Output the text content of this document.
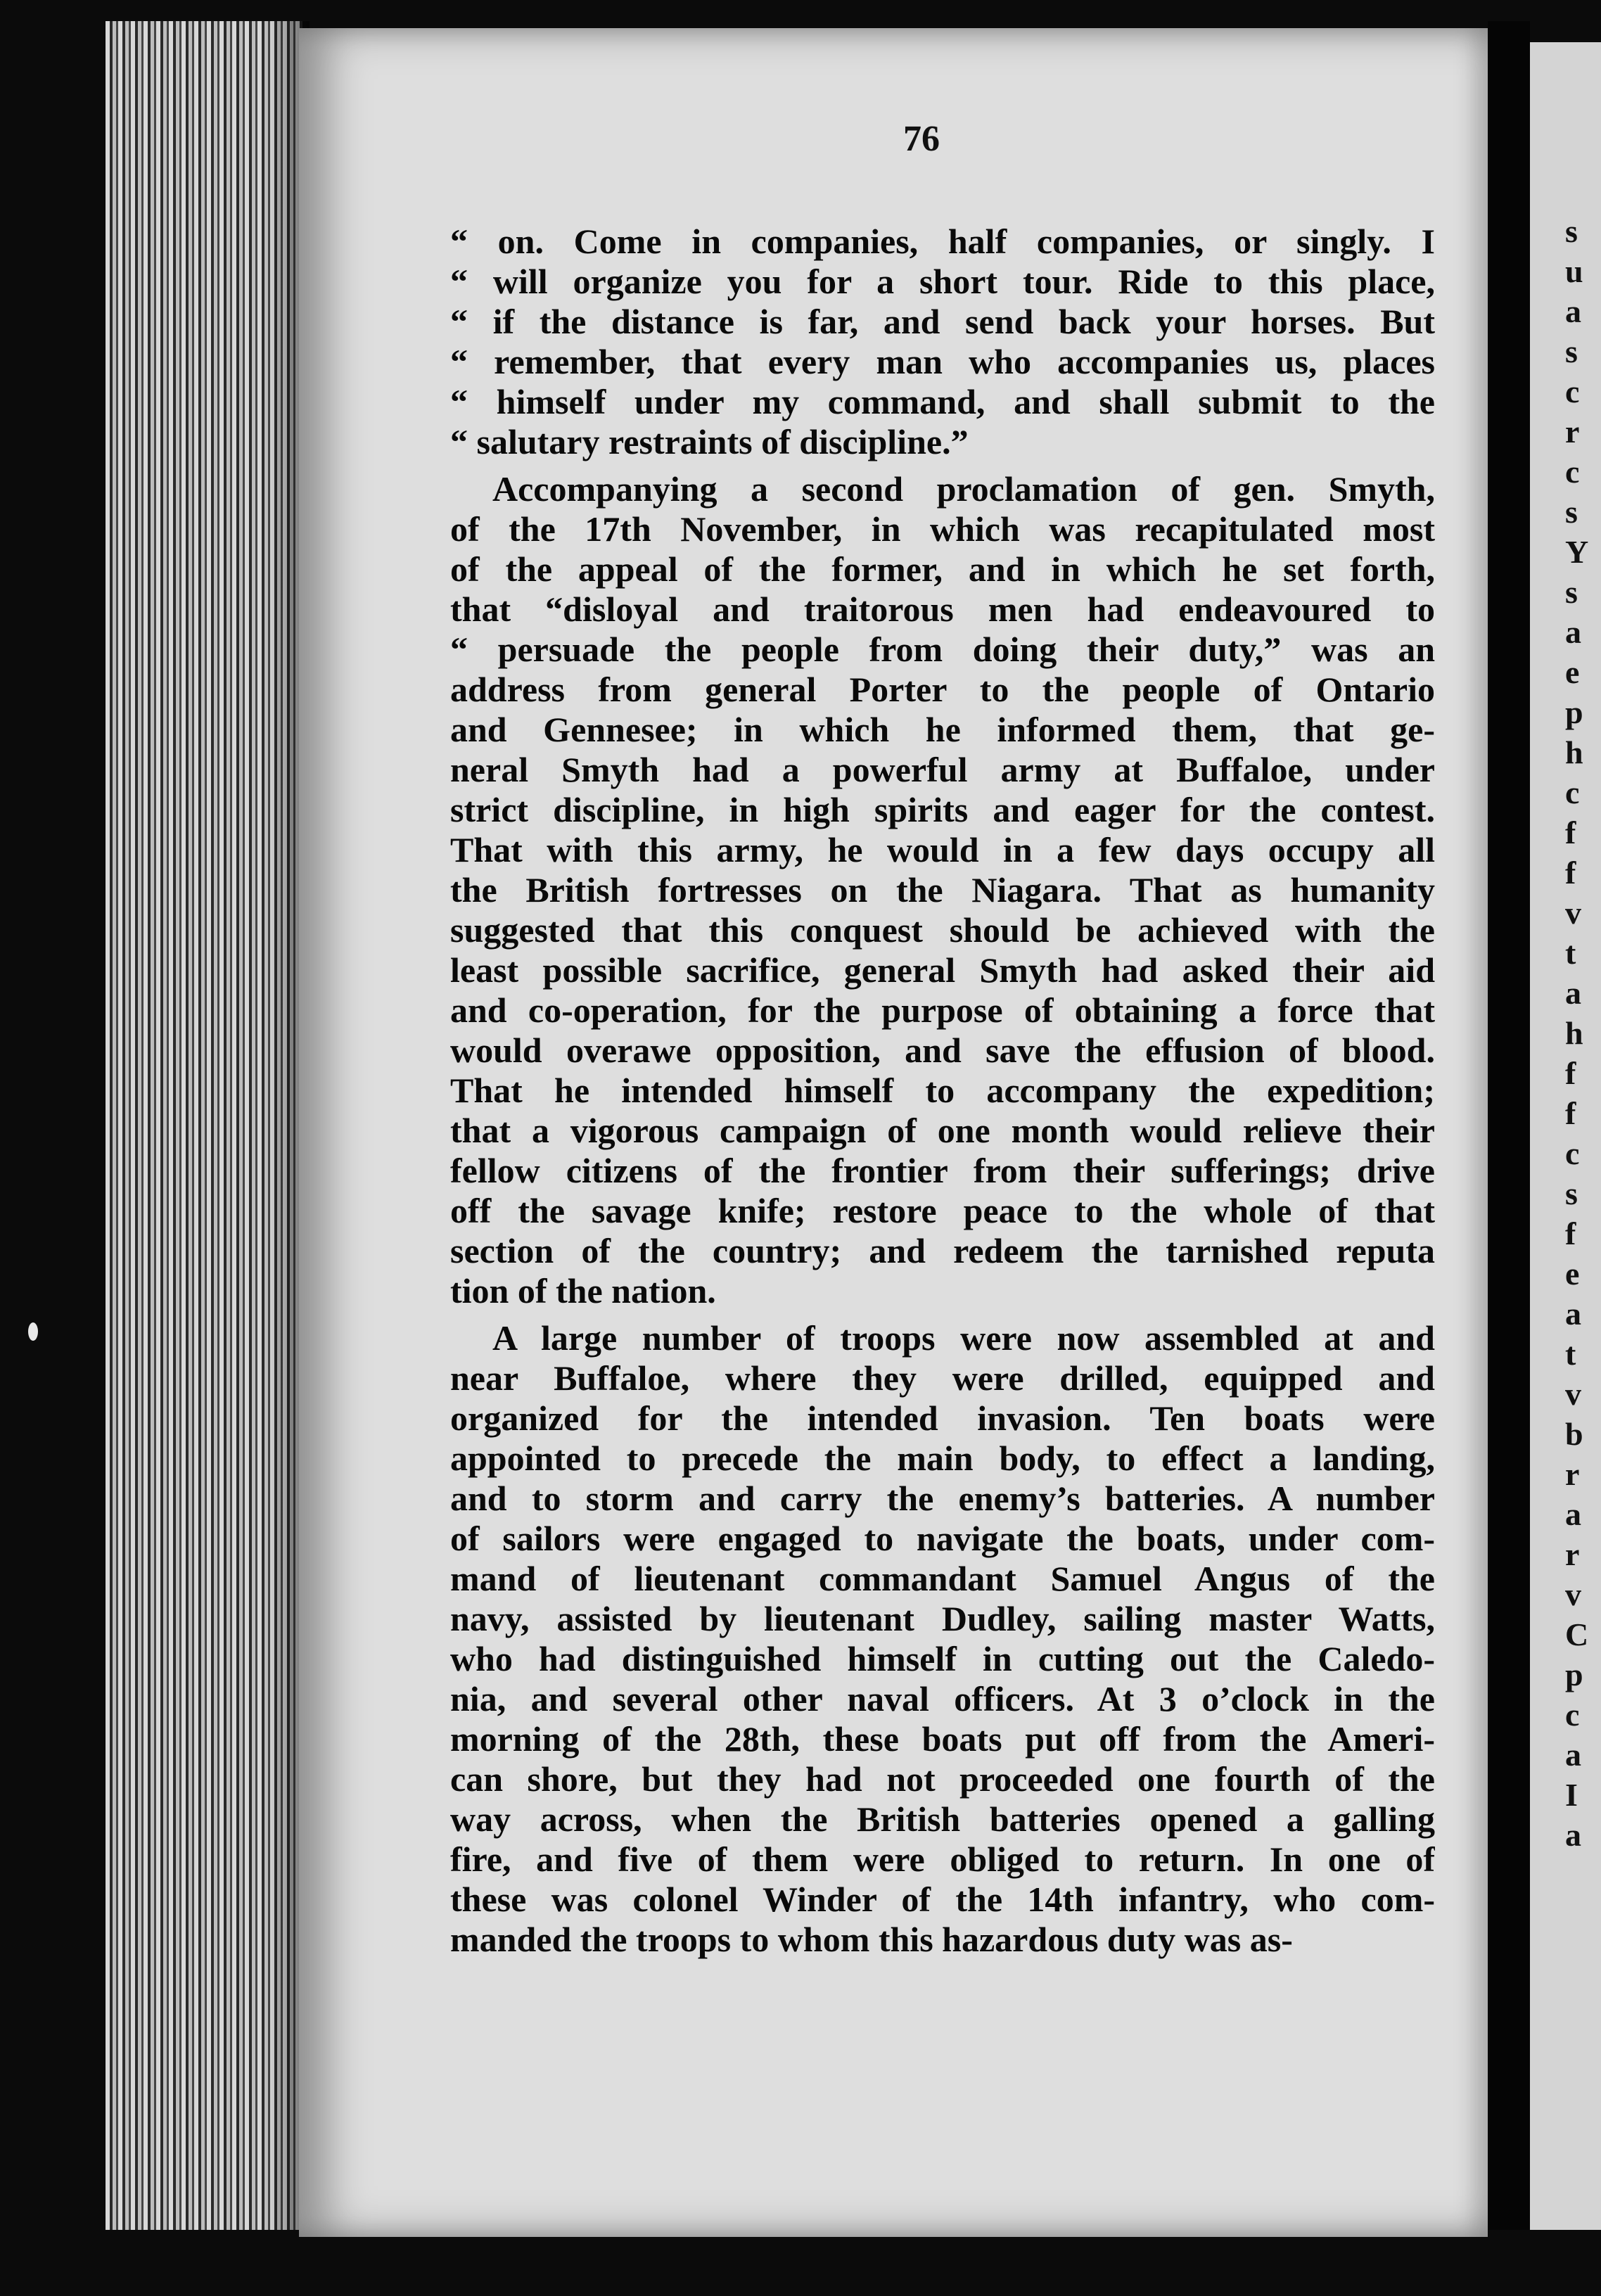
76
“ on. Come in companies, half companies, or singly. I
“ will organize you for a short tour. Ride to this place,
“ if the distance is far, and send back your horses. But
“ remember, that every man who accompanies us, places
“ himself under my command, and shall submit to the
“ salutary restraints of discipline.”
Accompanying a second proclamation of gen. Smyth,
of the 17th November, in which was recapitulated most
of the appeal of the former, and in which he set forth,
that “disloyal and traitorous men had endeavoured to
“ persuade the people from doing their duty,” was an
address from general Porter to the people of Ontario
and Gennesee; in which he informed them, that ge-
neral Smyth had a powerful army at Buffaloe, under
strict discipline, in high spirits and eager for the contest.
That with this army, he would in a few days occupy all
the British fortresses on the Niagara. That as humanity
suggested that this conquest should be achieved with the
least possible sacrifice, general Smyth had asked their aid
and co-operation, for the purpose of obtaining a force that
would overawe opposition, and save the effusion of blood.
That he intended himself to accompany the expedition;
that a vigorous campaign of one month would relieve their
fellow citizens of the frontier from their sufferings; drive
off the savage knife; restore peace to the whole of that
section of the country; and redeem the tarnished reputa
tion of the nation.
A large number of troops were now assembled at and
near Buffaloe, where they were drilled, equipped and
organized for the intended invasion. Ten boats were
appointed to precede the main body, to effect a landing,
and to storm and carry the enemy’s batteries. A number
of sailors were engaged to navigate the boats, under com-
mand of lieutenant commandant Samuel Angus of the
navy, assisted by lieutenant Dudley, sailing master Watts,
who had distinguished himself in cutting out the Caledo-
nia, and several other naval officers. At 3 o’clock in the
morning of the 28th, these boats put off from the Ameri-
can shore, but they had not proceeded one fourth of the
way across, when the British batteries opened a galling
fire, and five of them were obliged to return. In one of
these was colonel Winder of the 14th infantry, who com-
manded the troops to whom this hazardous duty was as-
s
u
a
s
c
r
c
s
Y
s
a
e
p
h
c
f
f
v
t
a
h
f
f
c
s
f
e
a
t
v
b
r
a
r
v
C
p
c
a
I
a
